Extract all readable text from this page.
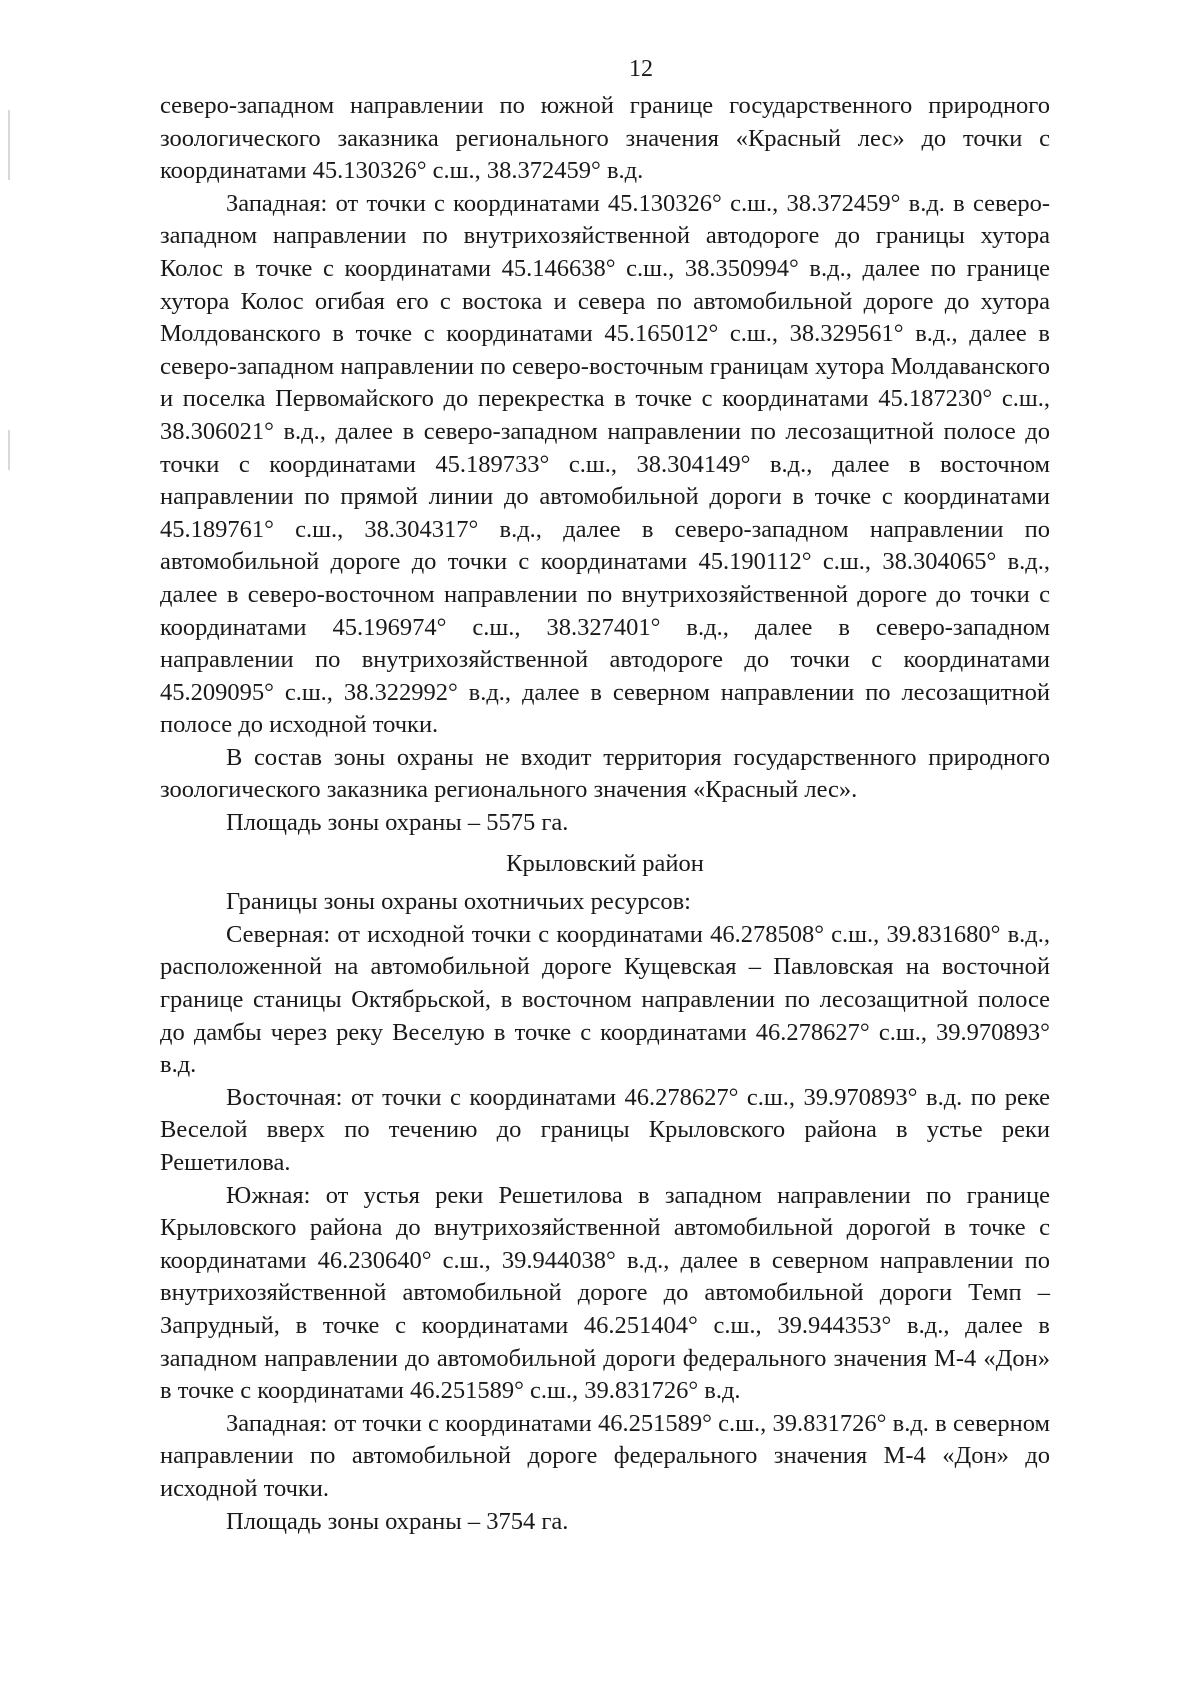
12

северо-западном направлении по южной границе государственного природного зоологического заказника регионального значения «Красный лес» до точки с координатами 45.130326° с.ш., 38.372459° в.д.

Западная: от точки с координатами 45.130326° с.ш., 38.372459° в.д. в северо-западном направлении по внутрихозяйственной автодороге до границы хутора Колос в точке с координатами 45.146638° с.ш., 38.350994° в.д., далее по границе хутора Колос огибая его с востока и севера по автомобильной дороге до хутора Молдованского в точке с координатами 45.165012° с.ш., 38.329561° в.д., далее в северо-западном направлении по северо-восточным границам хутора Молдаванского и поселка Первомайского до перекрестка в точке с координатами 45.187230° с.ш., 38.306021° в.д., далее в северо-западном направлении по лесозащитной полосе до точки с координатами 45.189733° с.ш., 38.304149° в.д., далее в восточном направлении по прямой линии до автомобильной дороги в точке с координатами 45.189761° с.ш., 38.304317° в.д., далее в северо-западном направлении по автомобильной дороге до точки с координатами 45.190112° с.ш., 38.304065° в.д., далее в северо-восточном направлении по внутрихозяйственной дороге до точки с координатами 45.196974° с.ш., 38.327401° в.д., далее в северо-западном направлении по внутрихозяйственной автодороге до точки с координатами 45.209095° с.ш., 38.322992° в.д., далее в северном направлении по лесозащитной полосе до исходной точки.

В состав зоны охраны не входит территория государственного природного зоологического заказника регионального значения «Красный лес».

Площадь зоны охраны – 5575 га.

Крыловский район

Границы зоны охраны охотничьих ресурсов:

Северная: от исходной точки с координатами 46.278508° с.ш., 39.831680° в.д., расположенной на автомобильной дороге Кущевская – Павловская на восточной границе станицы Октябрьской, в восточном направлении по лесозащитной полосе до дамбы через реку Веселую в точке с координатами 46.278627° с.ш., 39.970893° в.д.

Восточная: от точки с координатами 46.278627° с.ш., 39.970893° в.д. по реке Веселой вверх по течению до границы Крыловского района в устье реки Решетилова.

Южная: от устья реки Решетилова в западном направлении по границе Крыловского района до внутрихозяйственной автомобильной дорогой в точке с координатами 46.230640° с.ш., 39.944038° в.д., далее в северном направлении по внутрихозяйственной автомобильной дороге до автомобильной дороги Темп – Запрудный, в точке с координатами 46.251404° с.ш., 39.944353° в.д., далее в западном направлении до автомобильной дороги федерального значения М-4 «Дон» в точке с координатами 46.251589° с.ш., 39.831726° в.д.

Западная: от точки с координатами 46.251589° с.ш., 39.831726° в.д. в северном направлении по автомобильной дороге федерального значения М-4 «Дон» до исходной точки.

Площадь зоны охраны – 3754 га.
